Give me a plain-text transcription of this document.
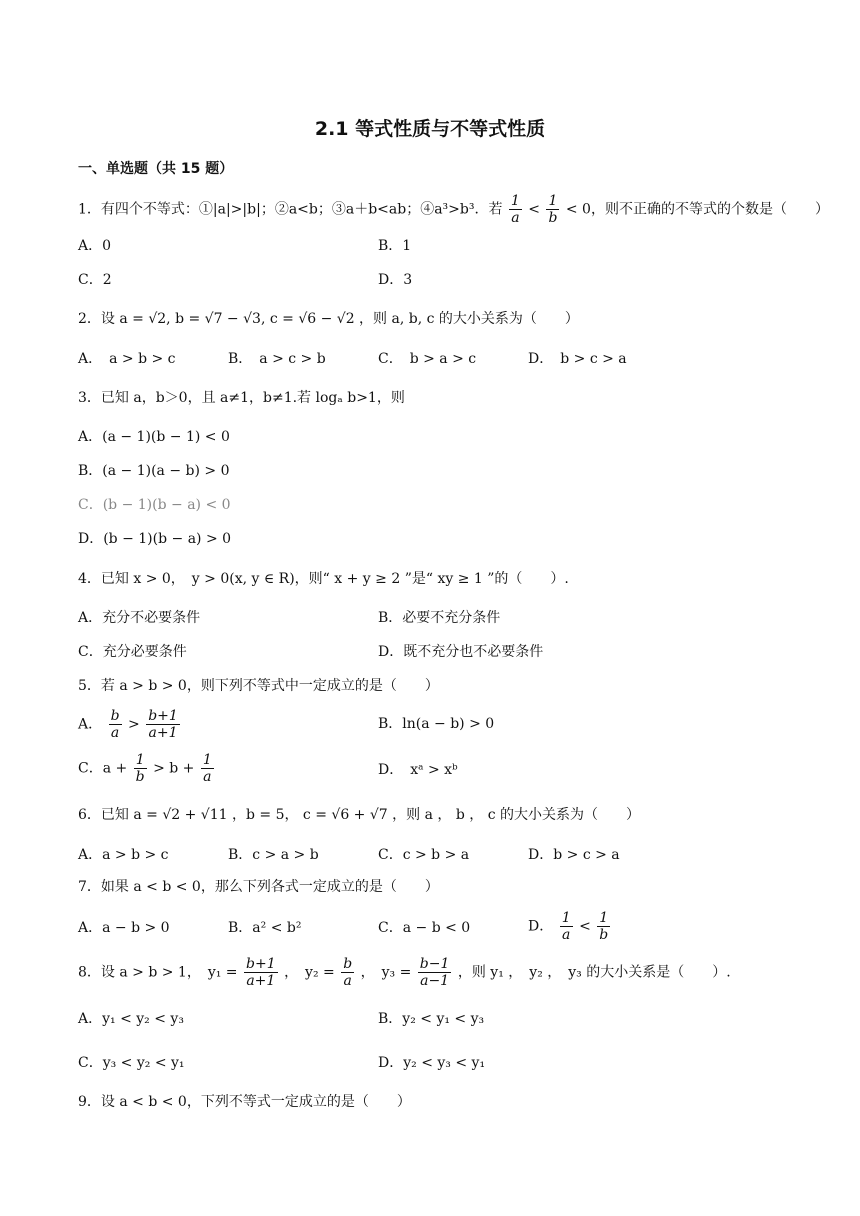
2.1 等式性质与不等式性质
一、单选题（共 15 题）
1．有四个不等式：①|a|>|b|；②a<b；③a＋b<ab；④a³>b³．若 $\frac{1}{a} < \frac{1}{b} < 0$，则不正确的不等式的个数是（　　）
A．0	B．1
C．2	D．3
2．设 a = √2, b = √7 − √3, c = √6 − √2 ，则 a, b, c 的大小关系为（　　）
A．　a > b > c	B．　a > c > b	C．　b > a > c	D．　b > c > a
3．已知 a，b＞0，且 a≠1，b≠1.若 logₐ b>1，则
A．(a − 1)(b − 1) < 0
B．(a − 1)(a − b) > 0
C．(b − 1)(b − a) < 0
D．(b − 1)(b − a) > 0
4．已知 x > 0，　y > 0(x, y ∈ R)，则“ x + y ≥ 2 ”是“ xy ≥ 1 ”的（　　）.
A．充分不必要条件	B．必要不充分条件
C．充分必要条件	D．既不充分也不必要条件
5．若 a > b > 0，则下列不等式中一定成立的是（　　）
A． $\frac{b}{a} > \frac{b+1}{a+1}$	B．ln(a − b) > 0
C．$a + \frac{1}{b} > b + \frac{1}{a}$	D．　xᵃ > xᵇ
6．已知 a = √2 + √11 ，b = 5， c = √6 + √7 ，则 a ， b ， c 的大小关系为（　　）
A．a > b > c	B．c > a > b	C．c > b > a	D．b > c > a
7．如果 a < b < 0，那么下列各式一定成立的是（　　）
A．a − b > 0	B．a² < b²	C．a − b < 0	D． $\frac{1}{a} < \frac{1}{b}$
8．设 a > b > 1，　$y_1 = \frac{b+1}{a+1}$ ，　$y_2 = \frac{b}{a}$ ，　$y_3 = \frac{b-1}{a-1}$ ，则 y₁ ，　y₂ ，　y₃ 的大小关系是（　　）.
A．y₁ < y₂ < y₃	B．y₂ < y₁ < y₃
C．y₃ < y₂ < y₁	D．y₂ < y₃ < y₁
9．设 a < b < 0，下列不等式一定成立的是（　　）
